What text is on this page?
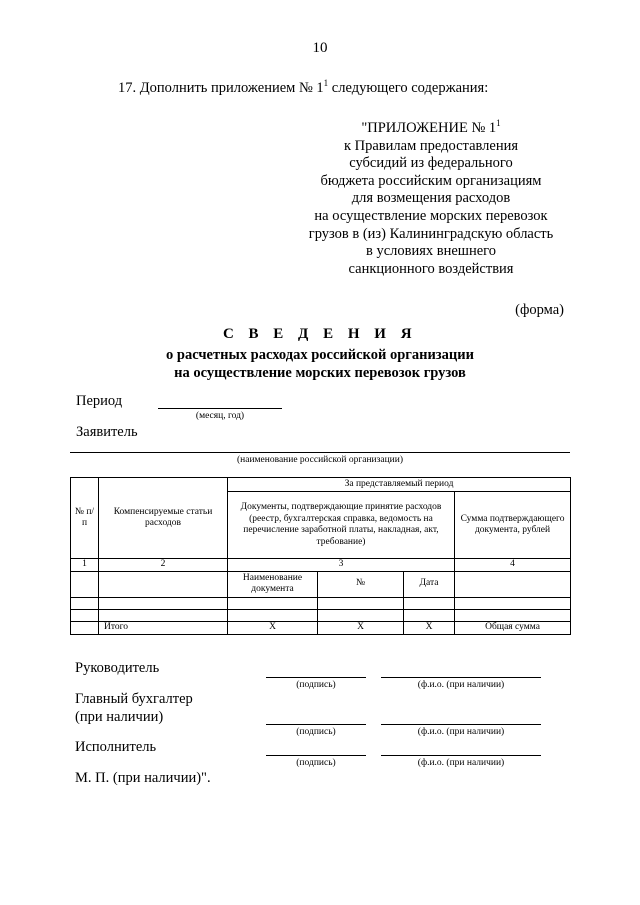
10
17. Дополнить приложением № $1^1$ следующего содержания:
"ПРИЛОЖЕНИЕ № $1^1$
к Правилам предоставления
субсидий из федерального
бюджета российским организациям
для возмещения расходов
на осуществление морских перевозок
грузов в (из) Калининградскую область
в условиях внешнего
санкционного воздействия
(форма)
С В Е Д Е Н И Я
о расчетных расходах российской организации
на осуществление морских перевозок грузов
Период
(месяц, год)
Заявитель
(наименование российской организации)
№ п/п	Компенсируемые статьи расходов	За представляемый период			
		Документы, подтверждающие принятие расходов (реестр, бухгалтерская справка, ведомость на перечисление заработной платы, накладная, акт, требование)			Сумма подтверждающего документа, рублей
1	2	3			4
		Наименование документа	№	Дата	

	Итого	X	X	X	Общая сумма
Руководитель
(подпись)	(ф.и.о. (при наличии)
Главный бухгалтер
(при наличии)
(подпись)	(ф.и.о. (при наличии)
Исполнитель
(подпись)	(ф.и.о. (при наличии)
М. П. (при наличии)".
